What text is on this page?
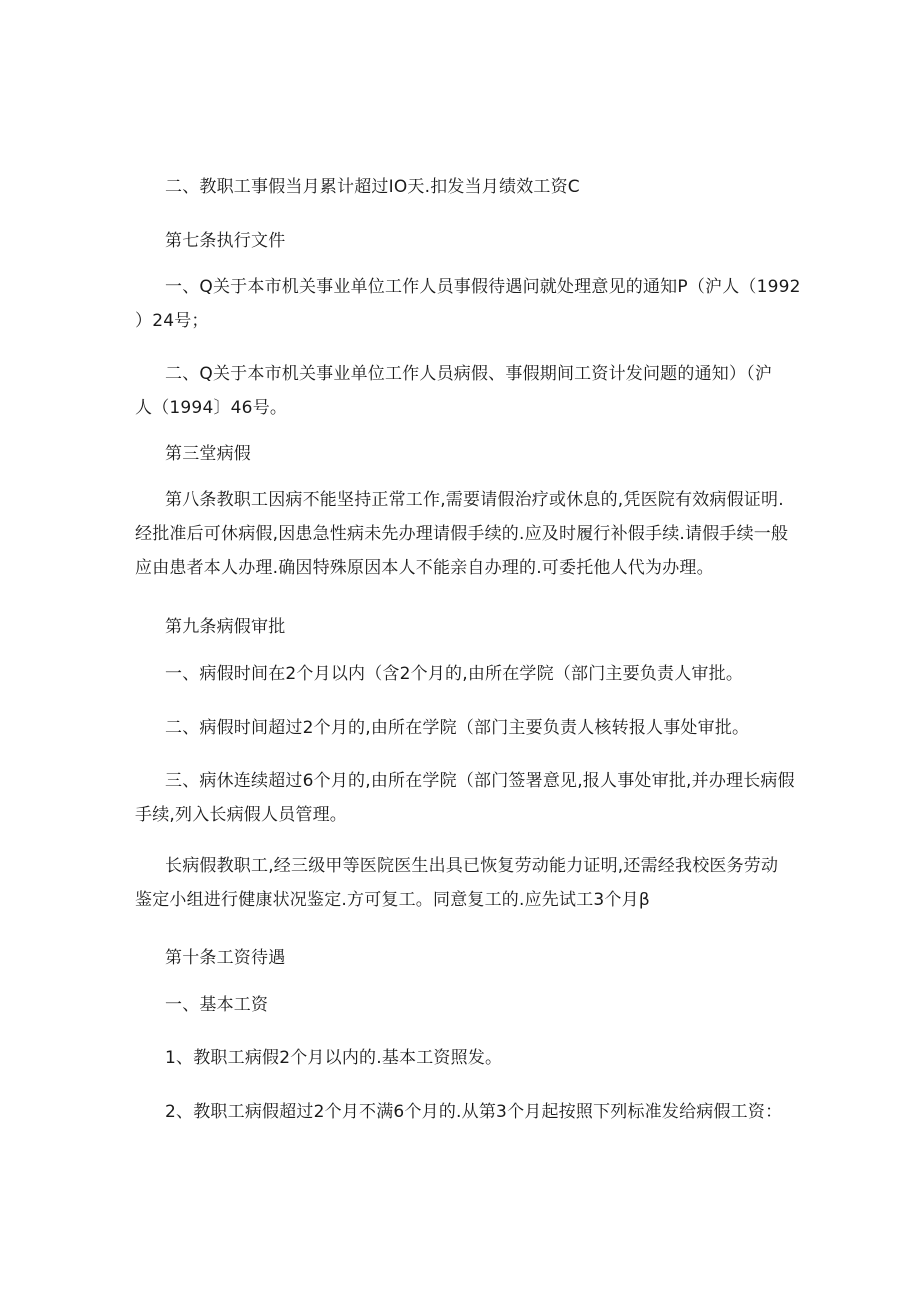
二、教职工事假当月累计超过IO天.扣发当月绩效工资C

第七条执行文件

一、Q关于本市机关事业单位工作人员事假待遇问就处理意见的通知P（沪人（1992
）24号；

二、Q关于本市机关事业单位工作人员病假、事假期间工资计发问题的通知）（沪
人（1994〕46号。

第三堂病假

第八条教职工因病不能坚持正常工作,需要请假治疗或休息的,凭医院有效病假证明.
经批准后可休病假,因患急性病未先办理请假手续的.应及时履行补假手续.请假手续一般
应由患者本人办理.确因特殊原因本人不能亲自办理的.可委托他人代为办理。

第九条病假审批

一、病假时间在2个月以内（含2个月的,由所在学院（部门主要负责人审批。

二、病假时间超过2个月的,由所在学院（部门主要负责人核转报人事处审批。

三、病休连续超过6个月的,由所在学院（部门签署意见,报人事处审批,并办理长病假
手续,列入长病假人员管理。

长病假教职工,经三级甲等医院医生出具已恢复劳动能力证明,还需经我校医务劳动
鉴定小组进行健康状况鉴定.方可复工。同意复工的.应先试工3个月β

第十条工资待遇

一、基本工资

1、教职工病假2个月以内的.基本工资照发。

2、教职工病假超过2个月不满6个月的.从第3个月起按照下列标准发给病假工资：
